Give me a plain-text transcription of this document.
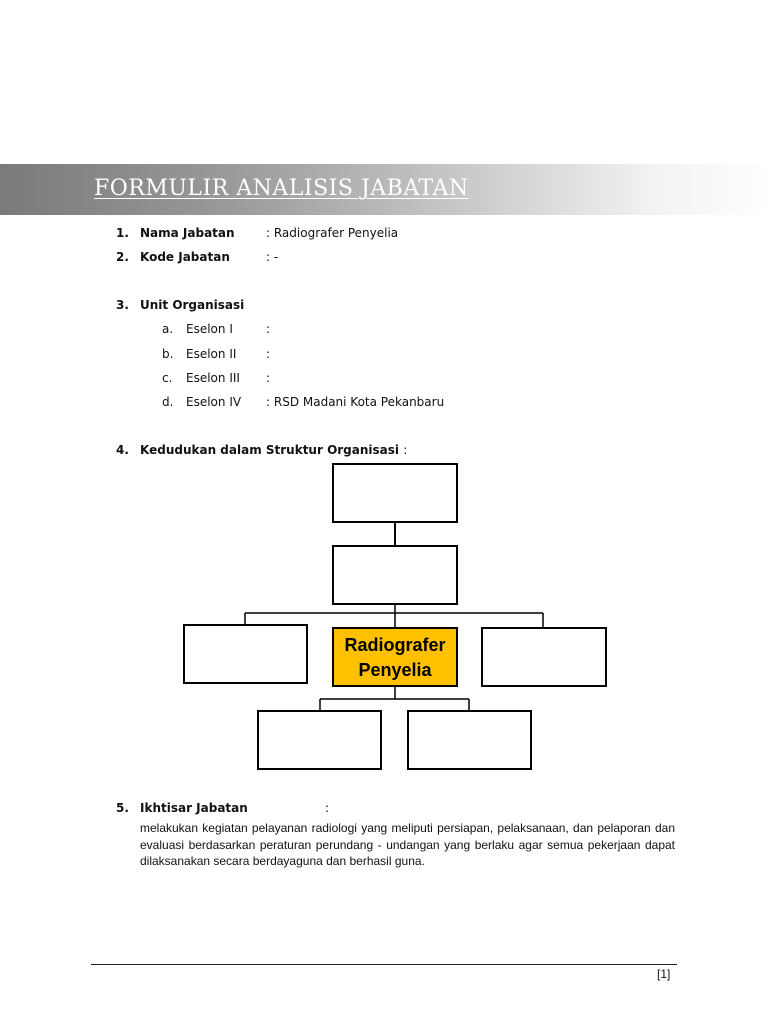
FORMULIR ANALISIS JABATAN
1. Nama Jabatan	: Radiografer Penyelia
2. Kode Jabatan	: -
3. Unit Organisasi
a. Eselon I	:
b. Eselon II :
c. Eselon III :
d. Eselon IV : RSD Madani Kota Pekanbaru
4. Kedudukan dalam Struktur Organisasi :
Radiografer
Penyelia
5. Ikhtisar Jabatan	:
melakukan kegiatan pelayanan radiologi yang meliputi persiapan, pelaksanaan, dan pelaporan dan evaluasi berdasarkan peraturan perundang - undangan yang berlaku agar semua pekerjaan dapat dilaksanakan secara berdayaguna dan berhasil guna.
[1]
